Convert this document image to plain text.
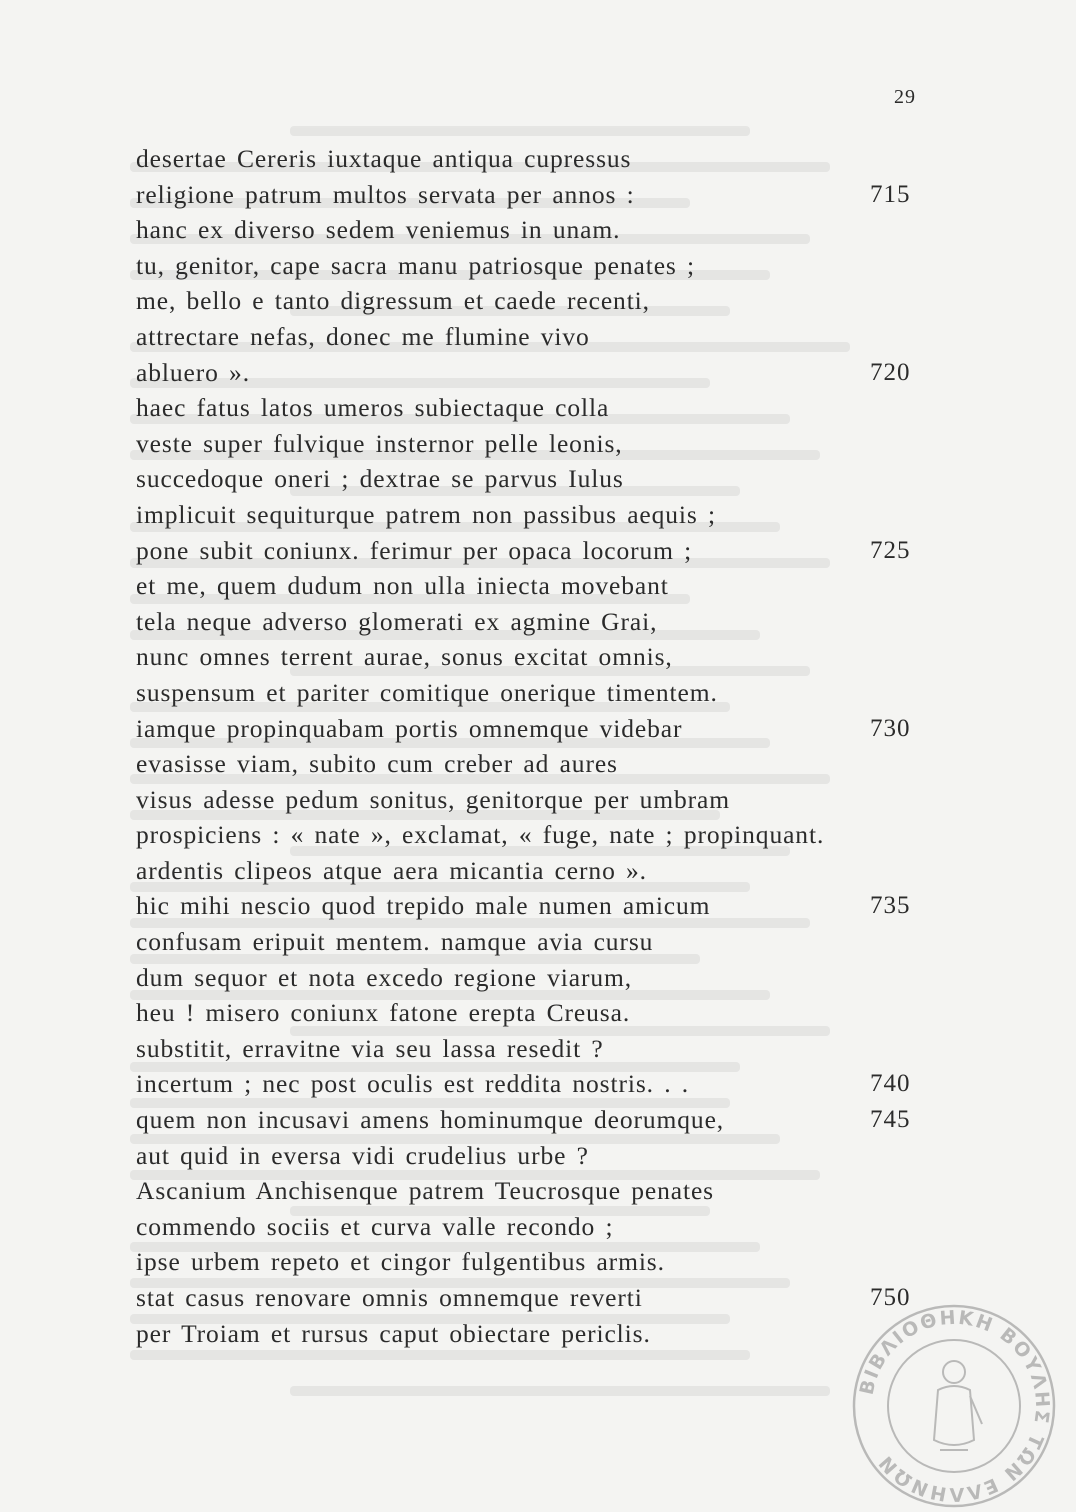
29
desertae Cereris iuxtaque antiqua cupressus
religione patrum multos servata per annos :	715
hanc ex diverso sedem veniemus in unam.
tu, genitor, cape sacra manu patriosque penates ;
me, bello e tanto digressum et caede recenti,
attrectare nefas, donec me flumine vivo
abluero ».	720
haec fatus latos umeros subiectaque colla
veste super fulvique insternor pelle leonis,
succedoque oneri ; dextrae se parvus Iulus
implicuit sequiturque patrem non passibus aequis ;
pone subit coniunx. ferimur per opaca locorum ;	725
et me, quem dudum non ulla iniecta movebant
tela neque adverso glomerati ex agmine Grai,
nunc omnes terrent aurae, sonus excitat omnis,
suspensum et pariter comitique onerique timentem.
iamque propinquabam portis omnemque videbar	730
evasisse viam, subito cum creber ad aures
visus adesse pedum sonitus, genitorque per umbram
prospiciens : « nate », exclamat, « fuge, nate ; propinquant.
ardentis clipeos atque aera micantia cerno ».
hic mihi nescio quod trepido male numen amicum	735
confusam eripuit mentem. namque avia cursu
dum sequor et nota excedo regione viarum,
heu ! misero coniunx fatone erepta Creusa.
substitit, erravitne via seu lassa resedit ?
incertum ; nec post oculis est reddita nostris. . .	740
quem non incusavi amens hominumque deorumque,	745
aut quid in eversa vidi crudelius urbe ?
Ascanium Anchisenque patrem Teucrosque penates
commendo sociis et curva valle recondo ;
ipse urbem repeto et cingor fulgentibus armis.
stat casus renovare omnis omnemque reverti	750
per Troiam et rursus caput obiectare periclis.
ΒΙΒΛΙΟΘΗΚΗ ΒΟΥΛΗΣ ΤΩΝ ΕΛΛΗΝΩΝ
